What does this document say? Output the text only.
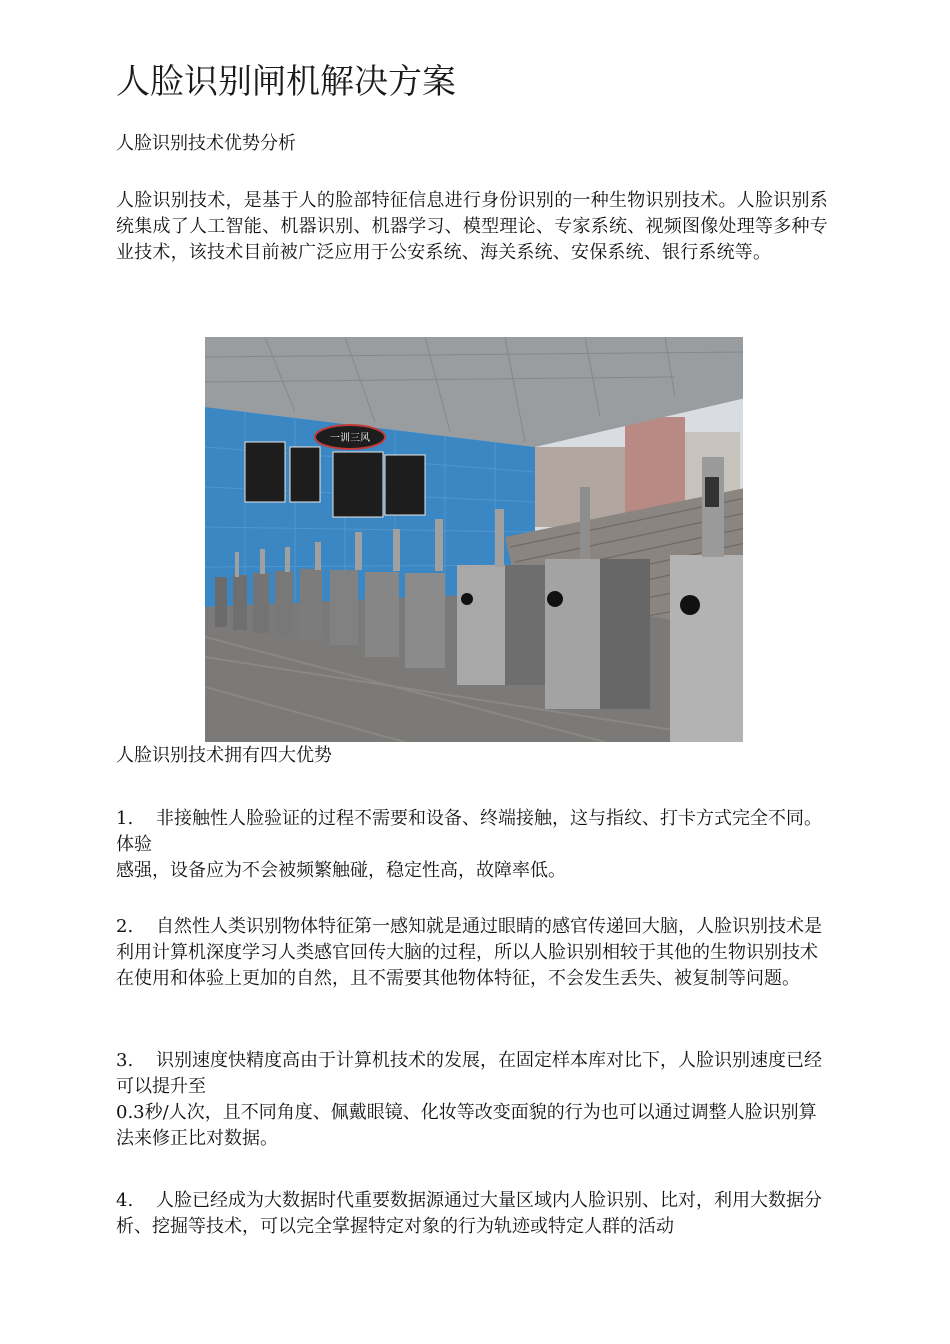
人脸识别闸机解决方案

人脸识别技术优势分析

人脸识别技术，是基于人的脸部特征信息进行身份识别的一种生物识别技术。人脸识别系统集成了人工智能、机器识别、机器学习、模型理论、专家系统、视频图像处理等多种专业技术，该技术目前被广泛应用于公安系统、海关系统、安保系统、银行系统等。

一训三风

人脸识别技术拥有四大优势

1. 非接触性人脸验证的过程不需要和设备、终端接触，这与指纹、打卡方式完全不同。体验
感强，设备应为不会被频繁触碰，稳定性高，故障率低。
2. 自然性人类识别物体特征第一感知就是通过眼睛的感官传递回大脑，人脸识别技术是利用计算机深度学习人类感官回传大脑的过程，所以人脸识别相较于其他的生物识别技术在使用和体验上更加的自然，且不需要其他物体特征，不会发生丢失、被复制等问题。
3. 识别速度快精度高由于计算机技术的发展，在固定样本库对比下，人脸识别速度已经可以提升至
0.3秒/人次，且不同角度、佩戴眼镜、化妆等改变面貌的行为也可以通过调整人脸识别算法来修正比对数据。
4. 人脸已经成为大数据时代重要数据源通过大量区域内人脸识别、比对，利用大数据分析、挖掘等技术，可以完全掌握特定对象的行为轨迹或特定人群的活动
